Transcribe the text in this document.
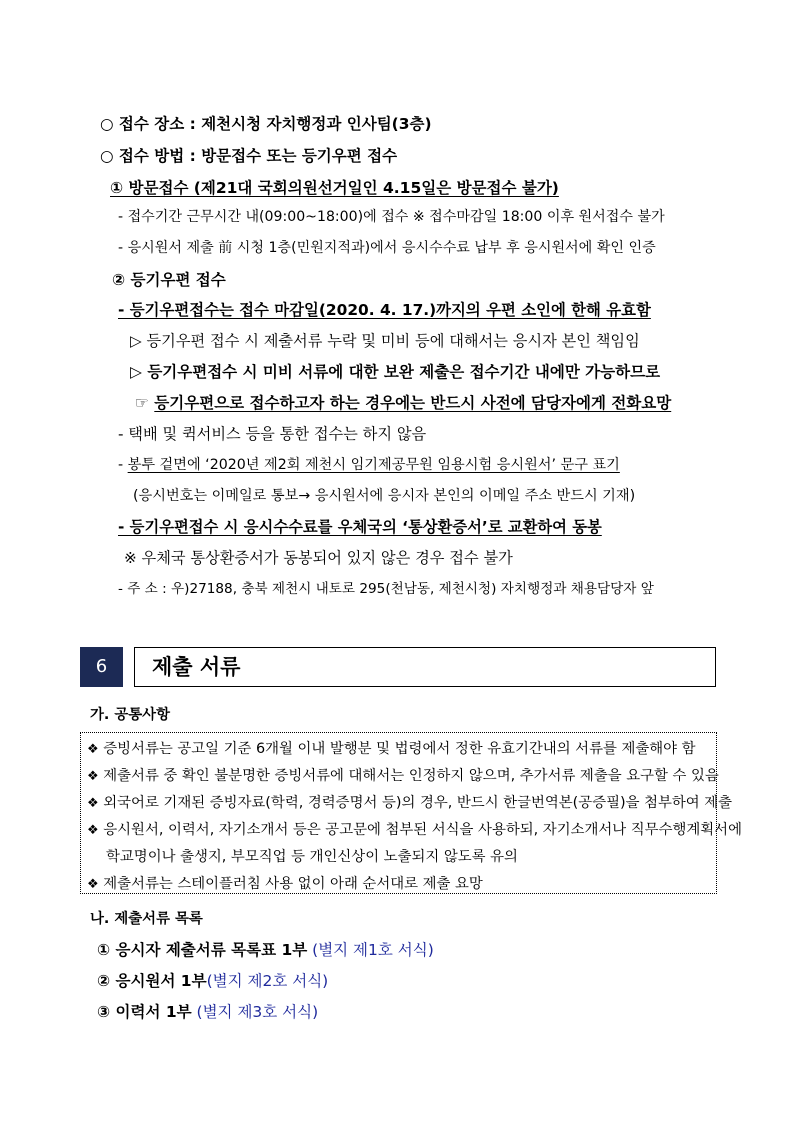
○ 접수 장소 : 제천시청 자치행정과 인사팀(3층)
○ 접수 방법 : 방문접수 또는 등기우편 접수
① 방문접수 (제21대 국회의원선거일인 4.15일은 방문접수 불가)
- 접수기간 근무시간 내(09:00~18:00)에 접수 ※ 접수마감일 18:00 이후 원서접수 불가
- 응시원서 제출 前 시청 1층(민원지적과)에서 응시수수료 납부 후 응시원서에 확인 인증
② 등기우편 접수
- 등기우편접수는 접수 마감일(2020. 4. 17.)까지의 우편 소인에 한해 유효함
▷ 등기우편 접수 시 제출서류 누락 및 미비 등에 대해서는 응시자 본인 책임임
▷ 등기우편접수 시 미비 서류에 대한 보완 제출은 접수기간 내에만 가능하므로
☞ 등기우편으로 접수하고자 하는 경우에는 반드시 사전에 담당자에게 전화요망
- 택배 및 퀵서비스 등을 통한 접수는 하지 않음
- 봉투 겉면에 ‘2020년 제2회 제천시 임기제공무원 임용시험 응시원서’ 문구 표기
(응시번호는 이메일로 통보→ 응시원서에 응시자 본인의 이메일 주소 반드시 기재)
- 등기우편접수 시 응시수수료를 우체국의 ‘통상환증서’로 교환하여 동봉
※ 우체국 통상환증서가 동봉되어 있지 않은 경우 접수 불가
- 주 소 : 우)27188, 충북 제천시 내토로 295(천남동, 제천시청) 자치행정과 채용담당자 앞
6	제출 서류
가. 공통사항
❖ 증빙서류는 공고일 기준 6개월 이내 발행분 및 법령에서 정한 유효기간내의 서류를 제출해야 함
❖ 제출서류 중 확인 불분명한 증빙서류에 대해서는 인정하지 않으며, 추가서류 제출을 요구할 수 있음
❖ 외국어로 기재된 증빙자료(학력, 경력증명서 등)의 경우, 반드시 한글번역본(공증필)을 첨부하여 제출
❖ 응시원서, 이력서, 자기소개서 등은 공고문에 첨부된 서식을 사용하되, 자기소개서나 직무수행계획서에
학교명이나 출생지, 부모직업 등 개인신상이 노출되지 않도록 유의
❖ 제출서류는 스테이플러침 사용 없이 아래 순서대로 제출 요망
나. 제출서류 목록
① 응시자 제출서류 목록표 1부 (별지 제1호 서식)
② 응시원서 1부(별지 제2호 서식)
③ 이력서 1부 (별지 제3호 서식)
